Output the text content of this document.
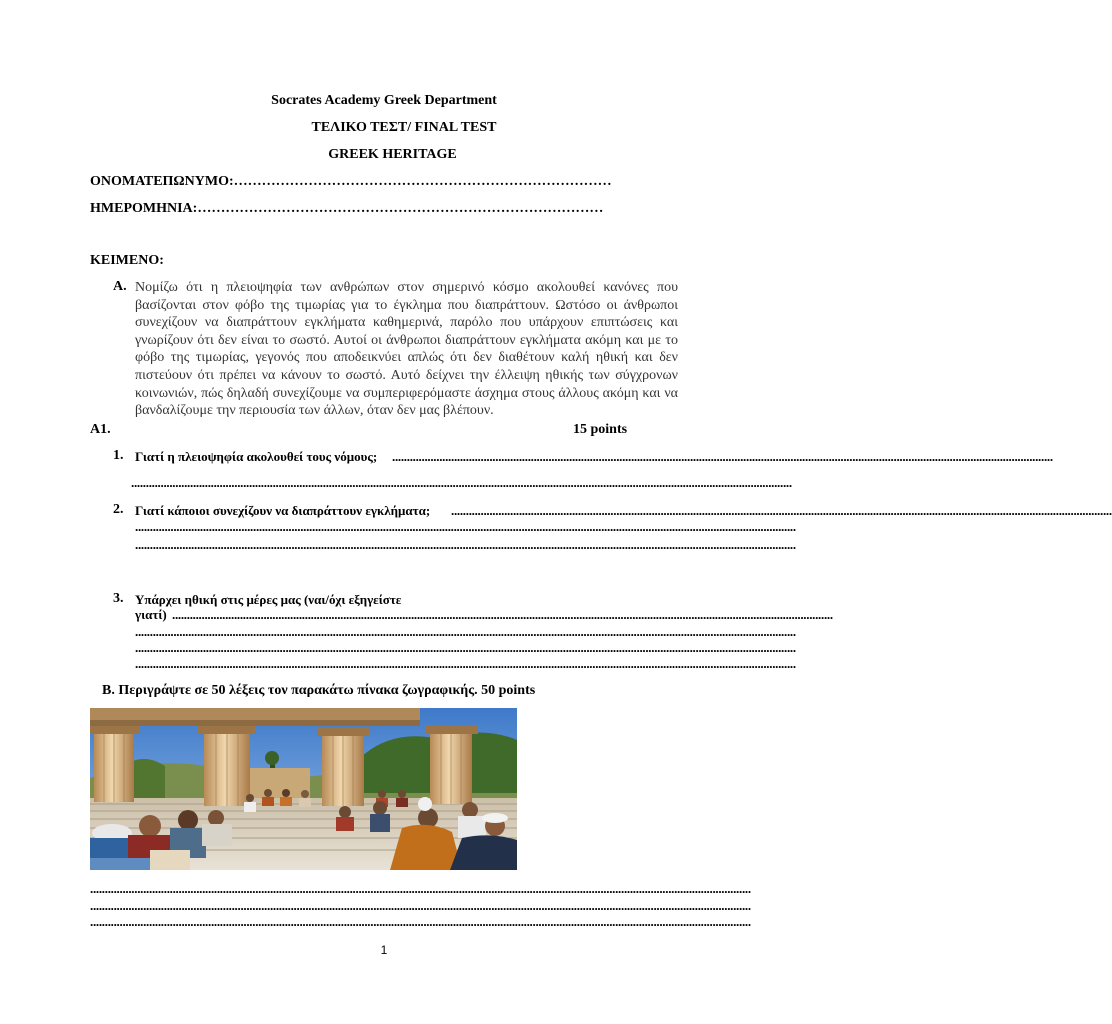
Socrates Academy Greek Department
ΤΕΛΙΚΟ ΤΕΣΤ/ FINAL TEST
GREEK HERITAGE
ΟΝΟΜΑΤΕΠΩΝΥΜΟ:………………………………………………………………………
ΗΜΕΡΟΜΗΝΙΑ:……………………………………………………………………………
ΚΕΙΜΕΝΟ:
A. Νομίζω ότι η πλειοψηφία των ανθρώπων στον σημερινό κόσμο ακολουθεί κανόνες που βασίζονται στον φόβο της τιμωρίας για το έγκλημα που διαπράττουν. Ωστόσο οι άνθρωποι συνεχίζουν να διαπράττουν εγκλήματα καθημερινά, παρόλο που υπάρχουν επιπτώσεις και γνωρίζουν ότι δεν είναι το σωστό. Αυτοί οι άνθρωποι διαπράττουν εγκλήματα ακόμη και με το φόβο της τιμωρίας, γεγονός που αποδεικνύει απλώς ότι δεν διαθέτουν καλή ηθική και δεν πιστεύουν ότι πρέπει να κάνουν το σωστό. Αυτό δείχνει την έλλειψη ηθικής των σύγχρονων κοινωνιών, πώς δηλαδή συνεχίζουμε να συμπεριφερόμαστε άσχημα στους άλλους ακόμη και να βανδαλίζουμε την περιουσία των άλλων, όταν δεν μας βλέπουν.
A1.	15 points
1. Γιατί η πλειοψηφία ακολουθεί τους νόμους; ................................................................................................................................................................................................................................
................................................................................................................................................................................................................................
2. Γιατί κάποιοι συνεχίζουν να διαπράττουν εγκλήματα; ................................................................................................................................................................................................................................
................................................................................................................................................................................................................................
................................................................................................................................................................................................................................
3. Υπάρχει ηθική στις μέρες μας (ναι/όχι εξηγείστε
γιατί) ................................................................................................................................................................................................................................
................................................................................................................................................................................................................................
................................................................................................................................................................................................................................
................................................................................................................................................................................................................................
B. Περιγράψτε σε 50 λέξεις τον παρακάτω πίνακα ζωγραφικής. 50 points
................................................................................................................................................................................................................................
................................................................................................................................................................................................................................
................................................................................................................................................................................................................................
1
